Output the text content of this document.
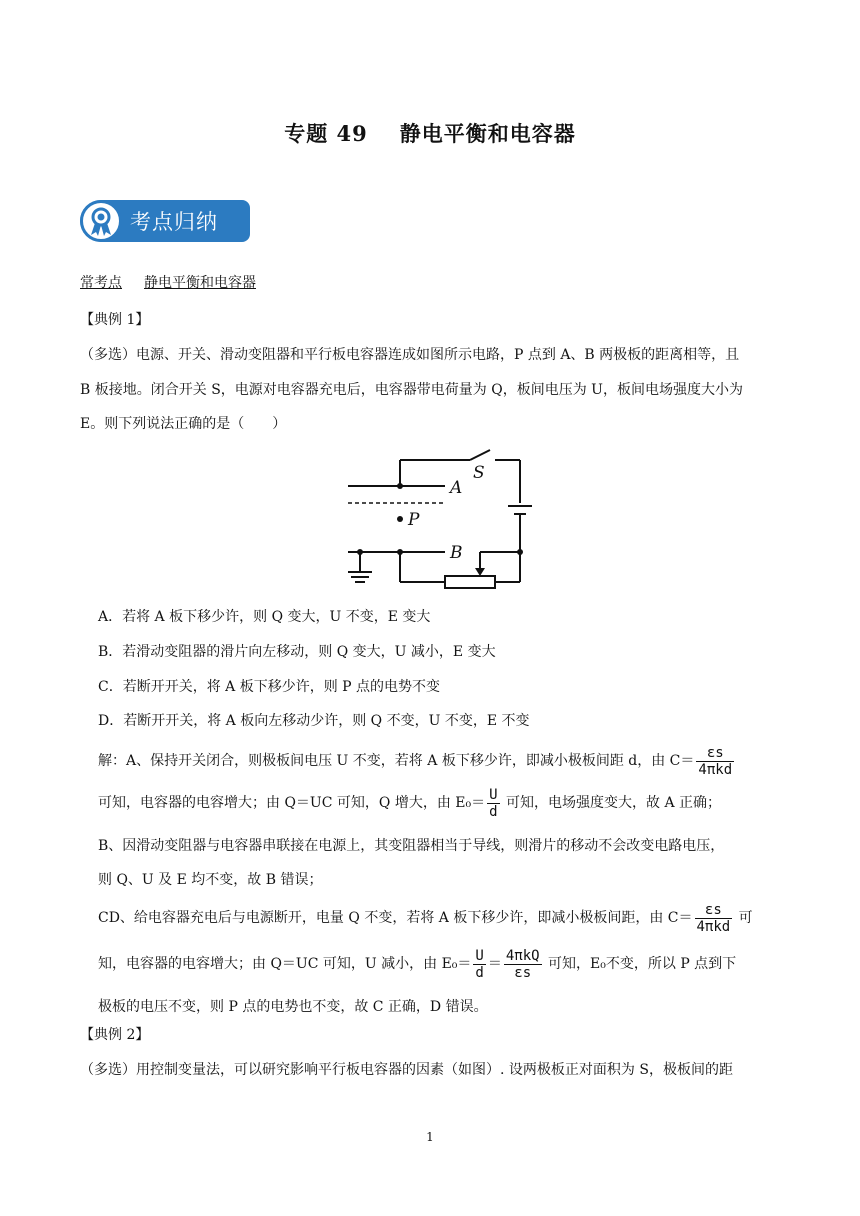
专题 49 静电平衡和电容器
考点归纳
常考点 静电平衡和电容器
【典例 1】
（多选）电源、开关、滑动变阻器和平行板电容器连成如图所示电路，P 点到 A、B 两极板的距离相等，且
B 板接地。闭合开关 S，电源对电容器充电后，电容器带电荷量为 Q，板间电压为 U，板间电场强度大小为
E。则下列说法正确的是（　　）
A
B
P
S
A．若将 A 板下移少许，则 Q 变大，U 不变，E 变大
B．若滑动变阻器的滑片向左移动，则 Q 变大，U 减小，E 变大
C．若断开开关，将 A 板下移少许，则 P 点的电势不变
D．若断开开关，将 A 板向左移动少许，则 Q 不变，U 不变，E 不变
解：A、保持开关闭合，则极板间电压 U 不变，若将 A 板下移少许，即减小极板间距 d，由 $C= \frac{\varepsilon s}{\text{4πkd}}$
可知，电容器的电容增大；由 Q＝UC 可知，Q 增大，由 $E_0= \frac{U}{d}$ 可知，电场强度变大，故 A 正确；
B、因滑动变阻器与电容器串联接在电源上，其变阻器相当于导线，则滑片的移动不会改变电路电压，
则 Q、U 及 E 均不变，故 B 错误；
CD、给电容器充电后与电源断开，电量 Q 不变，若将 A 板下移少许，即减小极板间距，由 $C= \frac{\varepsilon s}{\text{4πkd}}$ 可
知，电容器的电容增大；由 Q＝UC 可知，U 减小，由 $E_0= \frac{U}{d} = \frac{\text{4πkQ}}{\varepsilon s}$ 可知，E₀不变，所以 P 点到下
极板的电压不变，则 P 点的电势也不变，故 C 正确，D 错误。
【典例 2】
（多选）用控制变量法，可以研究影响平行板电容器的因素（如图）. 设两极板正对面积为 S，极板间的距
1
